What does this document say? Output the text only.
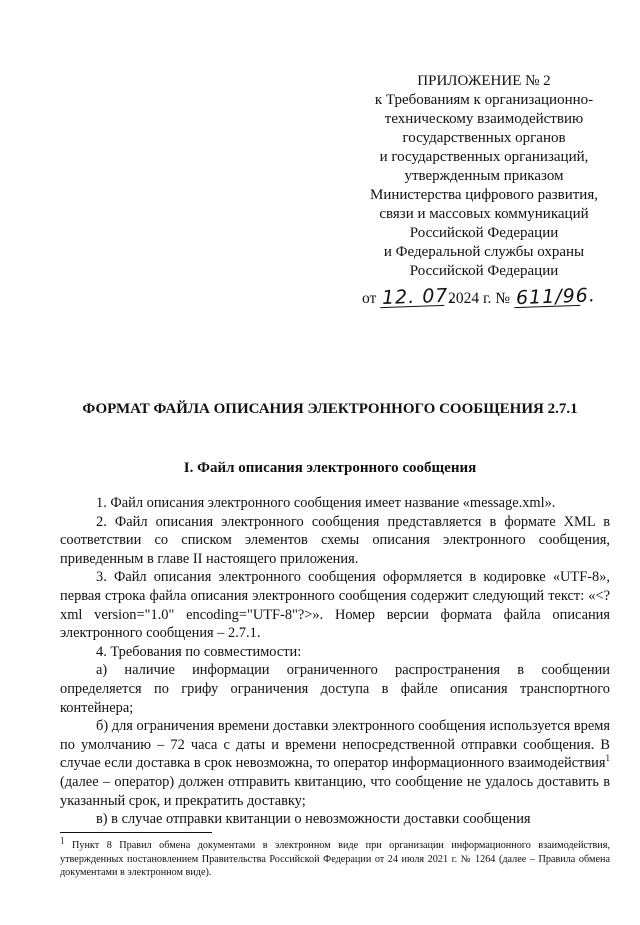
ПРИЛОЖЕНИЕ № 2
к Требованиям к организационно-
техническому взаимодействию
государственных органов
и государственных организаций,
утвержденным приказом
Министерства цифрового развития,
связи и массовых коммуникаций
Российской Федерации
и Федеральной службы охраны
Российской Федерации
от 12. 07. 2024 г. № 611/96.
ФОРМАТ ФАЙЛА ОПИСАНИЯ ЭЛЕКТРОННОГО СООБЩЕНИЯ 2.7.1
I. Файл описания электронного сообщения

1. Файл описания электронного сообщения имеет название «message.xml».

2. Файл описания электронного сообщения представляется в формате XML в соответствии со списком элементов схемы описания электронного сообщения, приведенным в главе II настоящего приложения.

3. Файл описания электронного сообщения оформляется в кодировке «UTF-8», первая строка файла описания электронного сообщения содержит следующий текст: «<?xml version="1.0" encoding="UTF-8"?>». Номер версии формата файла описания электронного сообщения – 2.7.1.

4. Требования по совместимости:

а) наличие информации ограниченного распространения в сообщении определяется по грифу ограничения доступа в файле описания транспортного контейнера;

б) для ограничения времени доставки электронного сообщения используется время по умолчанию – 72 часа с даты и времени непосредственной отправки сообщения. В случае если доставка в срок невозможна, то оператор информационного взаимодействия$^1$ (далее – оператор) должен отправить квитанцию, что сообщение не удалось доставить в указанный срок, и прекратить доставку;

в) в случае отправки квитанции о невозможности доставки сообщения

$^1$ Пункт 8 Правил обмена документами в электронном виде при организации информационного взаимодействия, утвержденных постановлением Правительства Российской Федерации от 24 июля 2021 г. № 1264 (далее – Правила обмена документами в электронном виде).
